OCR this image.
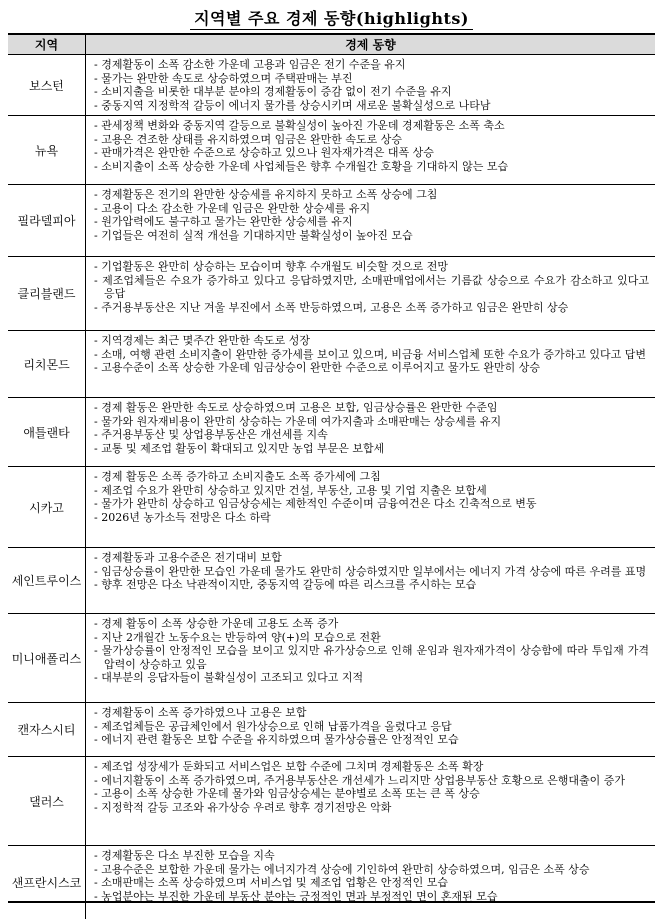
지역별 주요 경제 동향(highlights)
지역	경제 동향
보스턴
- 경제활동이 소폭 감소한 가운데 고용과 임금은 전기 수준을 유지
- 물가는 완만한 속도로 상승하였으며 주택판매는 부진
- 소비지출을 비롯한 대부분 분야의 경제활동이 증감 없이 전기 수준을 유지
- 중동지역 지정학적 갈등이 에너지 물가를 상승시키며 새로운 불확실성으로 나타남
뉴욕
- 관세정책 변화와 중동지역 갈등으로 불확실성이 높아진 가운데 경제활동은 소폭 축소
- 고용은 견조한 상태를 유지하였으며 임금은 완만한 속도로 상승
- 판매가격은 완만한 수준으로 상승하고 있으나 원자재가격은 대폭 상승
- 소비지출이 소폭 상승한 가운데 사업체들은 향후 수개월간 호황을 기대하지 않는 모습
필라델피아
- 경제활동은 전기의 완만한 상승세를 유지하지 못하고 소폭 상승에 그침
- 고용이 다소 감소한 가운데 임금은 완만한 상승세를 유지
- 원가압력에도 불구하고 물가는 완만한 상승세를 유지
- 기업들은 여전히 실적 개선을 기대하지만 불확실성이 높아진 모습
클리블랜드
- 기업활동은 완만히 상승하는 모습이며 향후 수개월도 비슷할 것으로 전망
- 제조업체들은 수요가 증가하고 있다고 응답하였지만, 소매판매업에서는 기름값 상승으로 수요가 감소하고 있다고 응답
- 주거용부동산은 지난 겨울 부진에서 소폭 반등하였으며, 고용은 소폭 증가하고 임금은 완만히 상승
리치몬드
- 지역경제는 최근 몇주간 완만한 속도로 성장
- 소매, 여행 관련 소비지출이 완만한 증가세를 보이고 있으며, 비금융 서비스업체 또한 수요가 증가하고 있다고 답변
- 고용수준이 소폭 상승한 가운데 임금상승이 완만한 수준으로 이루어지고 물가도 완만히 상승
애틀랜타
- 경제 활동은 완만한 속도로 상승하였으며 고용은 보합, 임금상승률은 완만한 수준임
- 물가와 원자재비용이 완만히 상승하는 가운데 여가지출과 소매판매는 상승세를 유지
- 주거용부동산 및 상업용부동산은 개선세를 지속
- 교통 및 제조업 활동이 확대되고 있지만 농업 부문은 보합세
시카고
- 경제 활동은 소폭 증가하고 소비지출도 소폭 증가세에 그침
- 제조업 수요가 완만히 상승하고 있지만 건설, 부동산, 고용 및 기업 지출은 보합세
- 물가가 완만히 상승하고 임금상승세는 제한적인 수준이며 금융여건은 다소 긴축적으로 변동
- 2026년 농가소득 전망은 다소 하락
세인트루이스
- 경제활동과 고용수준은 전기대비 보합
- 임금상승률이 완만한 모습인 가운데 물가도 완만히 상승하였지만 일부에서는 에너지 가격 상승에 따른 우려를 표명
- 향후 전망은 다소 낙관적이지만, 중동지역 갈등에 따른 리스크를 주시하는 모습
미니애폴리스
- 경제 활동이 소폭 상승한 가운데 고용도 소폭 증가
- 지난 2개월간 노동수요는 반등하여 양(+)의 모습으로 전환
- 물가상승률이 안정적인 모습을 보이고 있지만 유가상승으로 인해 운임과 원자재가격이 상승함에 따라 투입재 가격 압력이 상승하고 있음
- 대부분의 응답자들이 불확실성이 고조되고 있다고 지적
캔자스시티
- 경제활동이 소폭 증가하였으나 고용은 보합
- 제조업체들은 공급체인에서 원가상승으로 인해 납품가격을 올렸다고 응답
- 에너지 관련 활동은 보합 수준을 유지하였으며 물가상승률은 안정적인 모습
댈러스
- 제조업 성장세가 둔화되고 서비스업은 보합 수준에 그치며 경제활동은 소폭 확장
- 에너지활동이 소폭 증가하였으며, 주거용부동산은 개선세가 느리지만 상업용부동산 호황으로 은행대출이 증가
- 고용이 소폭 상승한 가운데 물가와 임금상승세는 분야별로 소폭 또는 큰 폭 상승
- 지정학적 갈등 고조와 유가상승 우려로 향후 경기전망은 악화
샌프란시스코
- 경제활동은 다소 부진한 모습을 지속
- 고용수준은 보합한 가운데 물가는 에너지가격 상승에 기인하여 완만히 상승하였으며, 임금은 소폭 상승
- 소매판매는 소폭 상승하였으며 서비스업 및 제조업 업황은 안정적인 모습
- 농업분야는 부진한 가운데 부동산 분야는 긍정적인 면과 부정적인 면이 혼재된 모습
